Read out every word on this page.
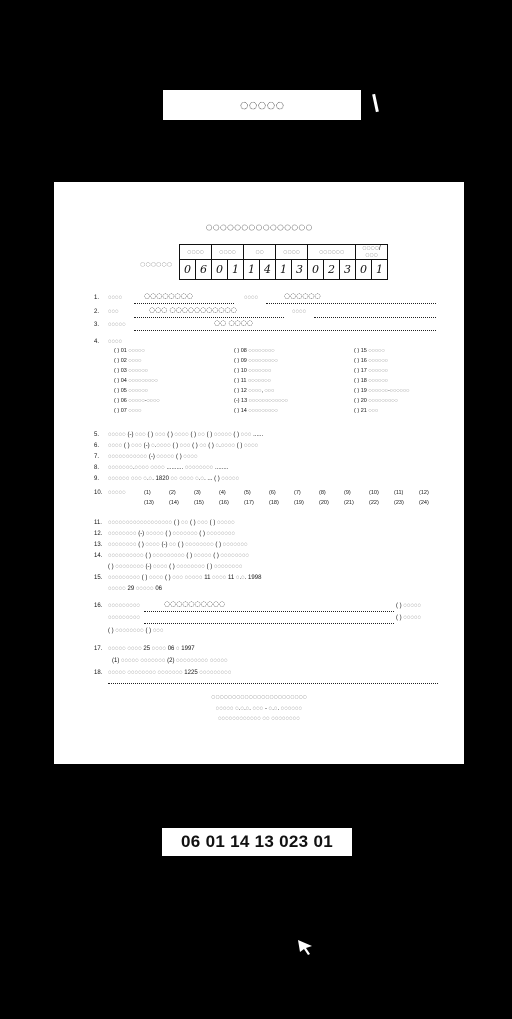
◌◌◌◌◌
◌◌◌◌◌◌◌◌◌◌◌◌◌◌◌
◌◌◌◌◌◌
◌◌◌◌		◌◌◌◌		◌◌		◌◌◌◌		◌◌◌◌◌◌			◌◌◌◌/◌◌◌	
0	6	0	1	1	4	1	3	0	2	3	0	1
1. ◌◌◌◌	◌◌◌◌◌◌◌◌	◌◌◌◌	◌◌◌◌◌◌
2. ◌◌◌	◌◌◌ ◌◌◌◌◌◌◌◌◌◌◌	◌◌◌◌
3. ◌◌◌◌◌	◌◌ ◌◌◌◌
4. ◌◌◌◌
10. ◌◌◌◌◌
16. ◌◌◌◌◌◌◌◌◌	◌◌◌◌◌◌◌◌◌◌	( ) ◌◌◌◌◌
◌◌◌◌◌◌◌◌◌	( ) ◌◌◌◌◌
( ) ◌◌◌◌◌◌◌◌ ( ) ◌◌◌
17. ◌◌◌◌◌ ◌◌◌◌ 25 ◌◌◌◌ 06 ◌ 1997
(1) ◌◌◌◌◌ ◌◌◌◌◌◌◌ (2) ◌◌◌◌◌◌◌◌◌ ◌◌◌◌◌
18. ◌◌◌◌◌ ◌◌◌◌◌◌◌◌ ◌◌◌◌◌◌◌ 1225 ◌◌◌◌◌◌◌◌◌
◌◌◌◌◌◌◌◌◌◌◌◌◌◌◌◌◌◌◌◌◌◌◌
◌◌◌◌◌ ◌.◌.◌. ◌◌◌ - ◌.◌. ◌◌◌◌◌◌
◌◌◌◌◌◌◌◌◌◌◌◌ ◌◌ ◌◌◌◌◌◌◌◌
( ) 01 ◌◌◌◌◌	( ) 08 ◌◌◌◌◌◌◌◌	( ) 15 ◌◌◌◌◌
( ) 02 ◌◌◌◌	( ) 09 ◌◌◌◌◌◌◌◌◌	( ) 16 ◌◌◌◌◌◌
( ) 03 ◌◌◌◌◌◌	( ) 10 ◌◌◌◌◌◌◌	( ) 17 ◌◌◌◌◌◌
( ) 04 ◌◌◌◌◌◌◌◌◌	( ) 11 ◌◌◌◌◌◌◌	( ) 18 ◌◌◌◌◌◌
( ) 05 ◌◌◌◌◌◌	( ) 12 ◌◌◌◌, ◌◌◌	( ) 19 ◌◌◌◌◌◌-◌◌◌◌◌◌
( ) 06 ◌◌◌◌◌-◌◌◌◌	(-) 13 ◌◌◌◌◌◌◌◌◌◌◌◌	( ) 20 ◌◌◌◌◌◌◌◌◌
( ) 07 ◌◌◌◌	( ) 14 ◌◌◌◌◌◌◌◌◌	( ) 21 ◌◌◌
5. ◌◌◌◌◌ (-) ◌◌◌ ( ) ◌◌◌ ( ) ◌◌◌◌ ( ) ◌◌ ( ) ◌◌◌◌◌ ( ) ◌◌◌ ......
6. ◌◌◌◌ ( ) ◌◌◌ (-) ◌.◌◌◌◌ ( ) ◌◌◌ ( ) ◌◌ ( ) ◌.◌◌◌◌ ( ) ◌◌◌◌
7. ◌◌◌◌◌◌◌◌◌◌◌ (-) ◌◌◌◌◌ ( ) ◌◌◌◌
8. ◌◌◌◌◌◌◌.◌◌◌◌ ◌◌◌◌ .......... ◌◌◌◌◌◌◌◌ ........
9. ◌◌◌◌◌◌ ◌◌◌ ◌.◌. 1820 ◌◌ ◌◌◌◌ ◌.◌. ... ( ) ◌◌◌◌◌
(1)	(2)	(3)	(4)	(5)	(6)	(7)	(8)	(9)	(10)	(11)	(12)
(13)	(14)	(15)	(16)	(17)	(18)	(19)	(20)	(21)	(22)	(23)	(24)
11. ◌◌◌◌◌◌◌◌◌◌◌◌◌◌◌◌◌◌ ( ) ◌◌ ( ) ◌◌◌ ( ) ◌◌◌◌◌
12. ◌◌◌◌◌◌◌◌ (-) ◌◌◌◌◌ ( ) ◌◌◌◌◌◌◌ ( ) ◌◌◌◌◌◌◌◌
13. ◌◌◌◌◌◌◌◌ ( ) ◌◌◌◌ (-) ◌◌ ( ) ◌◌◌◌◌◌◌◌ ( ) ◌◌◌◌◌◌◌
14. ◌◌◌◌◌◌◌◌◌◌ ( ) ◌◌◌◌◌◌◌◌◌ ( ) ◌◌◌◌◌ ( ) ◌◌◌◌◌◌◌◌
( ) ◌◌◌◌◌◌◌◌ (-) ◌◌◌◌ ( ) ◌◌◌◌◌◌◌◌ ( ) ◌◌◌◌◌◌◌◌
15. ◌◌◌◌◌◌◌◌◌ ( ) ◌◌◌◌ ( ) ◌◌◌ ◌◌◌◌◌ 11 ◌◌◌◌ 11 ◌.◌. 1998
◌◌◌◌◌ 29 ◌◌◌◌◌ 06
06 01 14 13 023 01
